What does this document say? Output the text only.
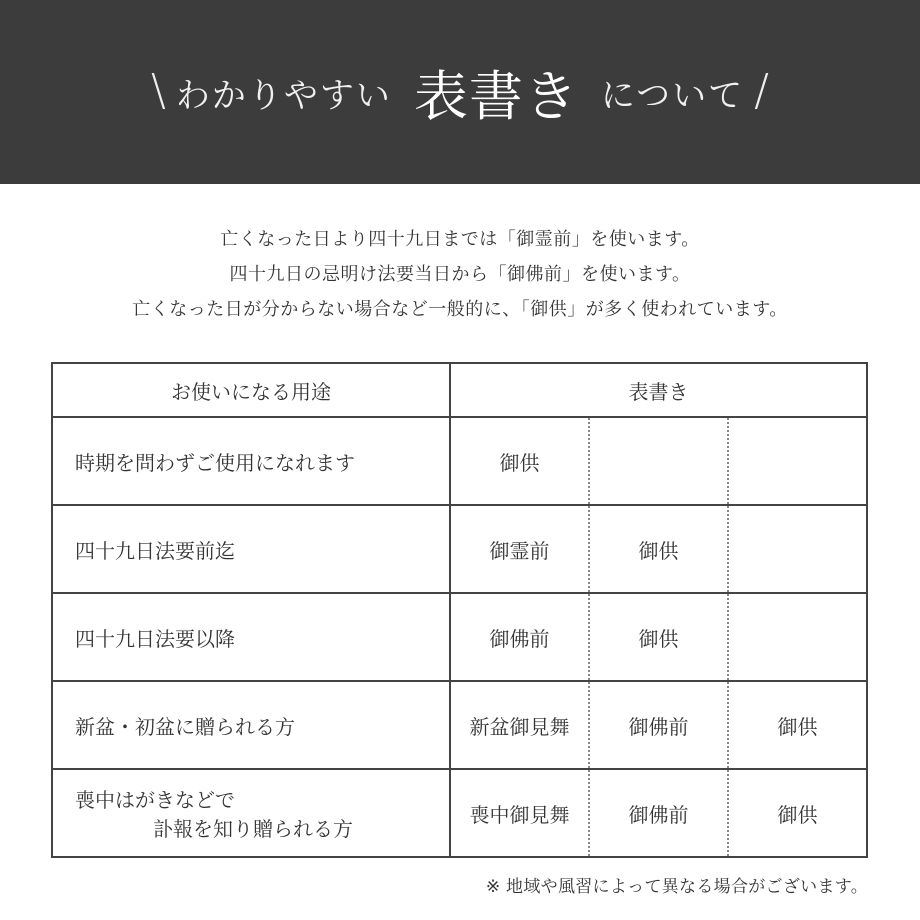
\ わかりやすい 表書き について /
亡くなった日より四十九日までは「御霊前」を使います。
四十九日の忌明け法要当日から「御佛前」を使います。
亡くなった日が分からない場合など一般的に、「御供」が多く使われています。
お使いになる用途	表書き		
時期を問わずご使用になれます	御供		
四十九日法要前迄	御霊前	御供	
四十九日法要以降	御佛前	御供	
新盆・初盆に贈られる方	新盆御見舞	御佛前	御供

喪中はがきなどで
訃報を知り贈られる方	喪中御見舞	御佛前	御供
※ 地域や風習によって異なる場合がございます。
